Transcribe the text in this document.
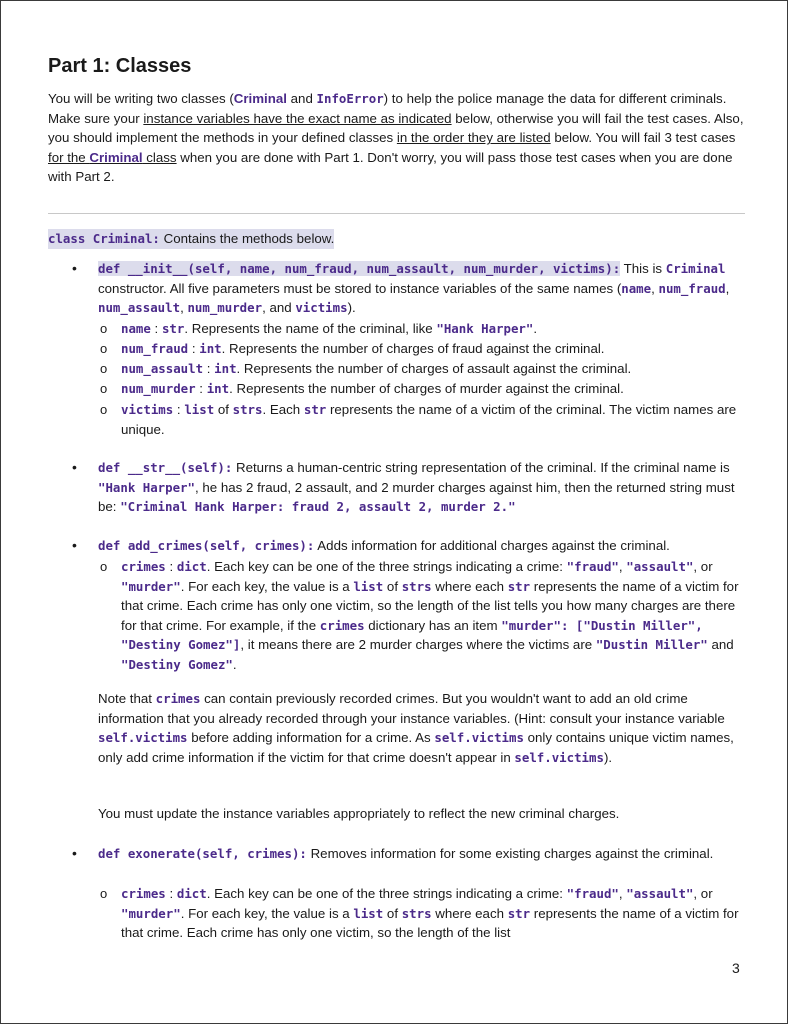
Part 1: Classes

You will be writing two classes (Criminal and InfoError) to help the police manage the data for different criminals. Make sure your instance variables have the exact name as indicated below, otherwise you will fail the test cases. Also, you should implement the methods in your defined classes in the order they are listed below. You will fail 3 test cases for the Criminal class when you are done with Part 1. Don't worry, you will pass those test cases when you are done with Part 2.

class Criminal: Contains the methods below.

• def __init__(self, name, num_fraud, num_assault, num_murder, victims): This is Criminal constructor. All five parameters must be stored to instance variables of the same names (name, num_fraud, num_assault, num_murder, and victims).

o name : str. Represents the name of the criminal, like "Hank Harper".

o num_fraud : int. Represents the number of charges of fraud against the criminal.

o num_assault : int. Represents the number of charges of assault against the criminal.

o num_murder : int. Represents the number of charges of murder against the criminal.

o victims : list of strs. Each str represents the name of a victim of the criminal. The victim names are unique.

• def __str__(self): Returns a human-centric string representation of the criminal. If the criminal name is "Hank Harper", he has 2 fraud, 2 assault, and 2 murder charges against him, then the returned string must be: "Criminal Hank Harper: fraud 2, assault 2, murder 2."

• def add_crimes(self, crimes): Adds information for additional charges against the criminal.

o crimes : dict. Each key can be one of the three strings indicating a crime: "fraud", "assault", or "murder". For each key, the value is a list of strs where each str represents the name of a victim for that crime. Each crime has only one victim, so the length of the list tells you how many charges are there for that crime. For example, if the crimes dictionary has an item "murder": ["Dustin Miller", "Destiny Gomez"], it means there are 2 murder charges where the victims are "Dustin Miller" and "Destiny Gomez".

Note that crimes can contain previously recorded crimes. But you wouldn't want to add an old crime information that you already recorded through your instance variables. (Hint: consult your instance variable self.victims before adding information for a crime. As self.victims only contains unique victim names, only add crime information if the victim for that crime doesn't appear in self.victims).

You must update the instance variables appropriately to reflect the new criminal charges.

• def exonerate(self, crimes): Removes information for some existing charges against the criminal.

o crimes : dict. Each key can be one of the three strings indicating a crime: "fraud", "assault", or "murder". For each key, the value is a list of strs where each str represents the name of a victim for that crime. Each crime has only one victim, so the length of the list

3
